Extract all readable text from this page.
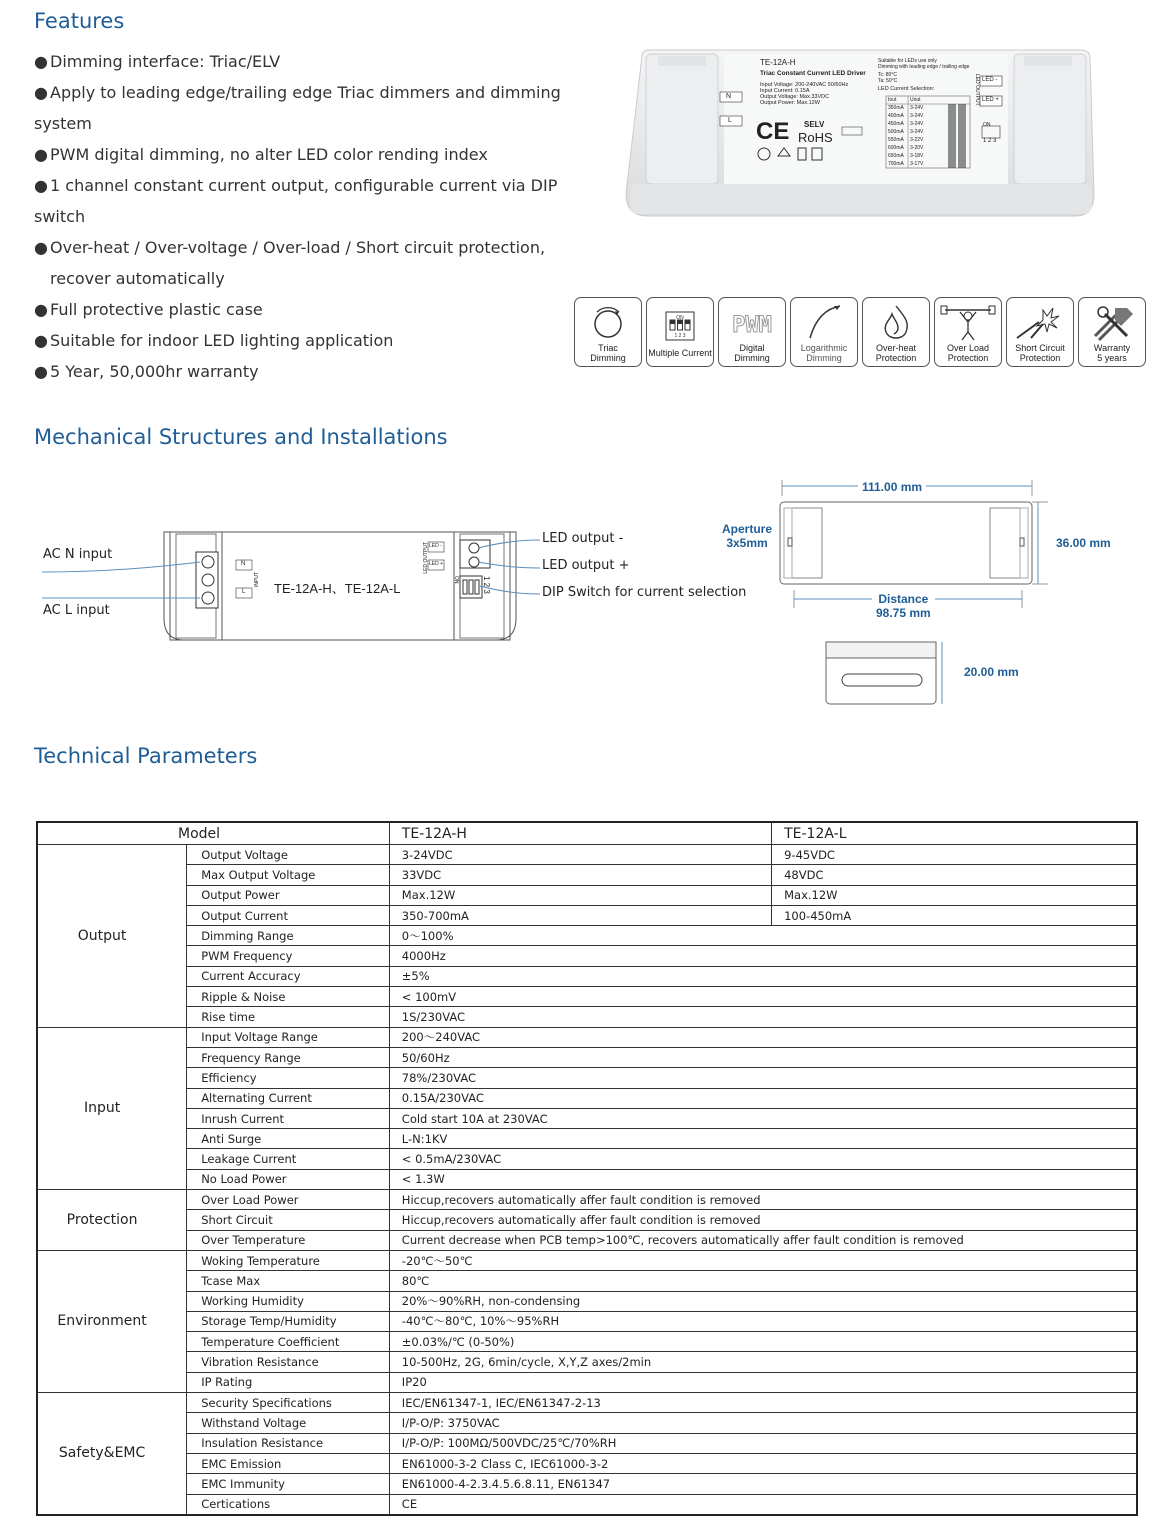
Features
● Dimming interface: Triac/ELV
● Apply to leading edge/trailing edge Triac dimmers and dimming system
● PWM digital dimming, no alter LED color rending index
● 1 channel constant current output, configurable current via DIP switch
● Over-heat / Over-voltage / Over-load / Short circuit protection,
recover automatically
● Full protective plastic case
● Suitable for indoor LED lighting application
● 5 Year, 50,000hr warranty
TE-12A-H
Triac Constant Current LED Driver
Input Voltage: 200-240VAC 50/60Hz
Input Current: 0.15A
Output Voltage: Max.33VDC
Output Power: Max.12W
Suitable for LEDs use only
Dimming with leading edge / trailing edge
Tc: 80°C
Ta: 50°C
LED Current Selection:
Iout	Uout
350mA 3-24V
400mA 3-24V
450mA 3-24V
500mA 3-24V
550mA 3-22V
600mA 3-20V
650mA 3-18V
700mA 3-17V
CE SELV
RoHS
N
L
LED -
LED +
LED OUTPUT
ON
1 2 3
Triac
Dimming
ON
1 2 3
Multiple Current
PWM
Digital
Dimming
Logarithmic
Dimming
Over-heat
Protection
Over Load
Protection
Short Circuit
Protection
Warranty
5 years
Mechanical Structures and Installations
N
L
INPUT
LED OUTPUT LED -
LED +
ON	1 2 3
TE-12A-H、TE-12A-L
AC N input
AC L input
LED output -
LED output +
DIP Switch for current selection
111.00 mm
36.00 mm
Aperture
3x5mm
Distance
98.75 mm
20.00 mm
Technical Parameters
Model		TE-12A-H	TE-12A-L
Output	Output Voltage	3-24VDC	9-45VDC
	Max Output Voltage	33VDC	48VDC
	Output Power	Max.12W	Max.12W
	Output Current	350-700mA	100-450mA
	Dimming Range	0～100%	
	PWM Frequency	4000Hz	
	Current Accuracy	±5%	
	Ripple & Noise	< 100mV	
	Rise time	1S/230VAC	
Input	Input Voltage Range	200～240VAC	
	Frequency Range	50/60Hz	
	Efficiency	78%/230VAC	
	Alternating Current	0.15A/230VAC	
	Inrush Current	Cold start 10A at 230VAC	
	Anti Surge	L-N:1KV	
	Leakage Current	< 0.5mA/230VAC	
	No Load Power	< 1.3W	
Protection	Over Load Power	Hiccup,recovers automatically affer fault condition is removed	
	Short Circuit	Hiccup,recovers automatically affer fault condition is removed	
	Over Temperature	Current decrease when PCB temp>100℃, recovers automatically affer fault condition is removed	
Environment	Woking Temperature	-20℃～50℃	
	Tcase Max	80℃	
	Working Humidity	20%～90%RH, non-condensing	
	Storage Temp/Humidity	-40℃～80℃, 10%～95%RH	
	Temperature Coefficient	±0.03%/℃ (0-50%)	
	Vibration Resistance	10-500Hz, 2G, 6min/cycle, X,Y,Z axes/2min	
	IP Rating	IP20	
Safety&EMC	Security Specifications	IEC/EN61347-1, IEC/EN61347-2-13	
	Withstand Voltage	I/P-O/P: 3750VAC	
	Insulation Resistance	I/P-O/P: 100MΩ/500VDC/25℃/70%RH	
	EMC Emission	EN61000-3-2 Class C, IEC61000-3-2	
	EMC Immunity	EN61000-4-2.3.4.5.6.8.11, EN61347	
	Certications	CE	
